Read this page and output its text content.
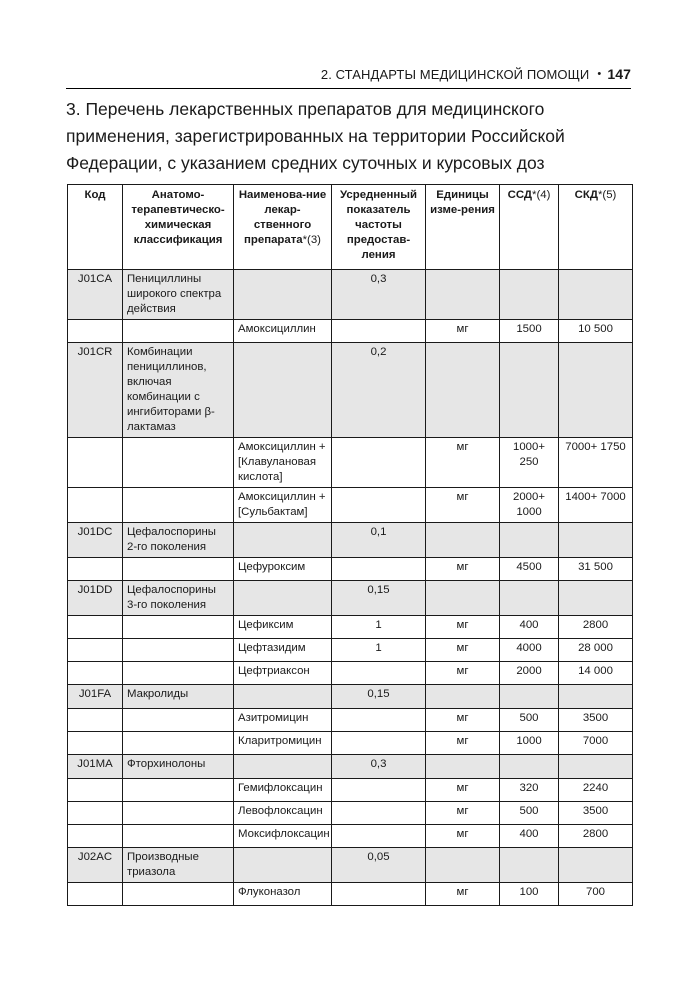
2. СТАНДАРТЫ МЕДИЦИНСКОЙ ПОМОЩИ • 147
3. Перечень лекарственных препаратов для медицинского применения, зарегистрированных на территории Российской Федерации, с указанием средних суточных и курсовых доз
Код	Анатомо-терапевтическо-химическая классификация	Наименова-ние лекар-ственного препарата*(3)	Усредненный показатель частоты предостав-ления	Единицы изме-рения	ССД*(4)	СКД*(5)
J01CA	Пенициллины широкого спектра действия		0,3			
		Амоксициллин		мг	1500	10 500
J01CR	Комбинации пенициллинов, включая комбинации с ингибиторами β-лактамаз		0,2			
		Амоксициллин + [Клавулановая кислота]		мг	1000+ 250	7000+ 1750
		Амоксициллин + [Сульбактам]		мг	2000+ 1000	1400+ 7000
J01DC	Цефалоспорины 2-го поколения		0,1			
		Цефуроксим		мг	4500	31 500
J01DD	Цефалоспорины 3-го поколения		0,15			
		Цефиксим	1	мг	400	2800
		Цефтазидим	1	мг	4000	28 000
		Цефтриаксон		мг	2000	14 000
J01FA	Макролиды		0,15			
		Азитромицин		мг	500	3500
		Кларитромицин		мг	1000	7000
J01MA	Фторхинолоны		0,3			
		Гемифлоксацин		мг	320	2240
		Левофлоксацин		мг	500	3500
		Моксифлоксацин		мг	400	2800
J02AC	Производные триазола		0,05			
		Флуконазол		мг	100	700
